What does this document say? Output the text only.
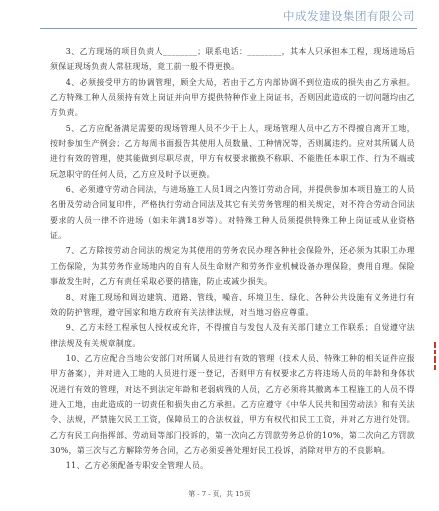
中成发建设集团有限公司

3、乙方现场的项目负责人________；联系电话：________，其本人只承担本工程，现场进场后须保证现场负责人常驻现场，竟工前一般不得更换。

4、必须接受甲方的协调管理，顾全大局，若由于乙方内部协调不到位造成的损失由乙方承担。乙方特殊工种人员须持有效上岗证并向甲方提供特种作业上岗证书，否则因此造成的一切问题均由乙方负责。

5、乙方应配备满足需要的现场管理人员不少于上人，现场管理人员中乙方不得擅自离开工地，按时参加生产例会；乙方每周书面报告其使用人员数量、工种情况等，否则属违约。应对其所属人员进行有效的管理，使其能做到尽职尽责，甲方有权要求撤换不称职、不能胜任本职工作、行为不端或玩忽职守的任何人员，乙方应及时予以更换。

6、必须遵守劳动合同法，与进场施工人员1周之内签订劳动合同，并提供参加本项目施工的人员名册及劳动合同复印件，严格执行劳动合同法及其它有关劳务管理的相关规定，对不符合劳动合同法要求的人员一律不许进场（如未年满18岁等）。对特殊工种人员须提供特殊工种上岗证或从业资格证。

7、乙方除按劳动合同法的规定为其使用的劳务农民办理各种社会保险外，还必须为其职工办理工伤保险，为其劳务作业场地内的自有人员生命财产和劳务作业机械设备办理保险，费用自理。保险事故发生时，乙方有责任采取必要的措施，防止或减少损失。

8、对施工现场和周边建筑、道路、管线，噪音、环境卫生、绿化、各种公共设施有义务进行有效的防护管理，遵守国家和地方政府有关法律法规，对当地习俗应尊重。

9、乙方未经工程承包人授权或允许，不得擅自与发包人及有关部门建立工作联系；自觉遵守法律法规及有关规章制度。

10、乙方应配合当地公安部门对所属人员进行有效的管理（技术人员、特殊工种的相关证件应报甲方备案），并对进入工地的人员进行逐一登记，否则甲方有权要求乙方将违场人员的年龄和身体状况进行有效的管理，对达不到法定年龄和老弱病残的人员，乙方必须将其撤离本工程施工的人员不得进入工地，由此造成的一切责任和损失由乙方承担。乙方应遵守《中华人民共和国劳动法》和有关法令、法规，严禁施欠民工工资，保障员工的合法权益，甲方有权代扣民工工资，并对乙方进行处罚。乙方有民工向指挥部、劳动局等部门投诉的，第一次向乙方罚款劳务总价的10%，第二次向乙方罚款30%，第三次与乙方解除劳务合同，乙方必须妥善处理好民工投诉，消除对甲方的不良影响。

11、乙方必须配备专职安全管理人员。

第 - 7 - 页，共 15页
